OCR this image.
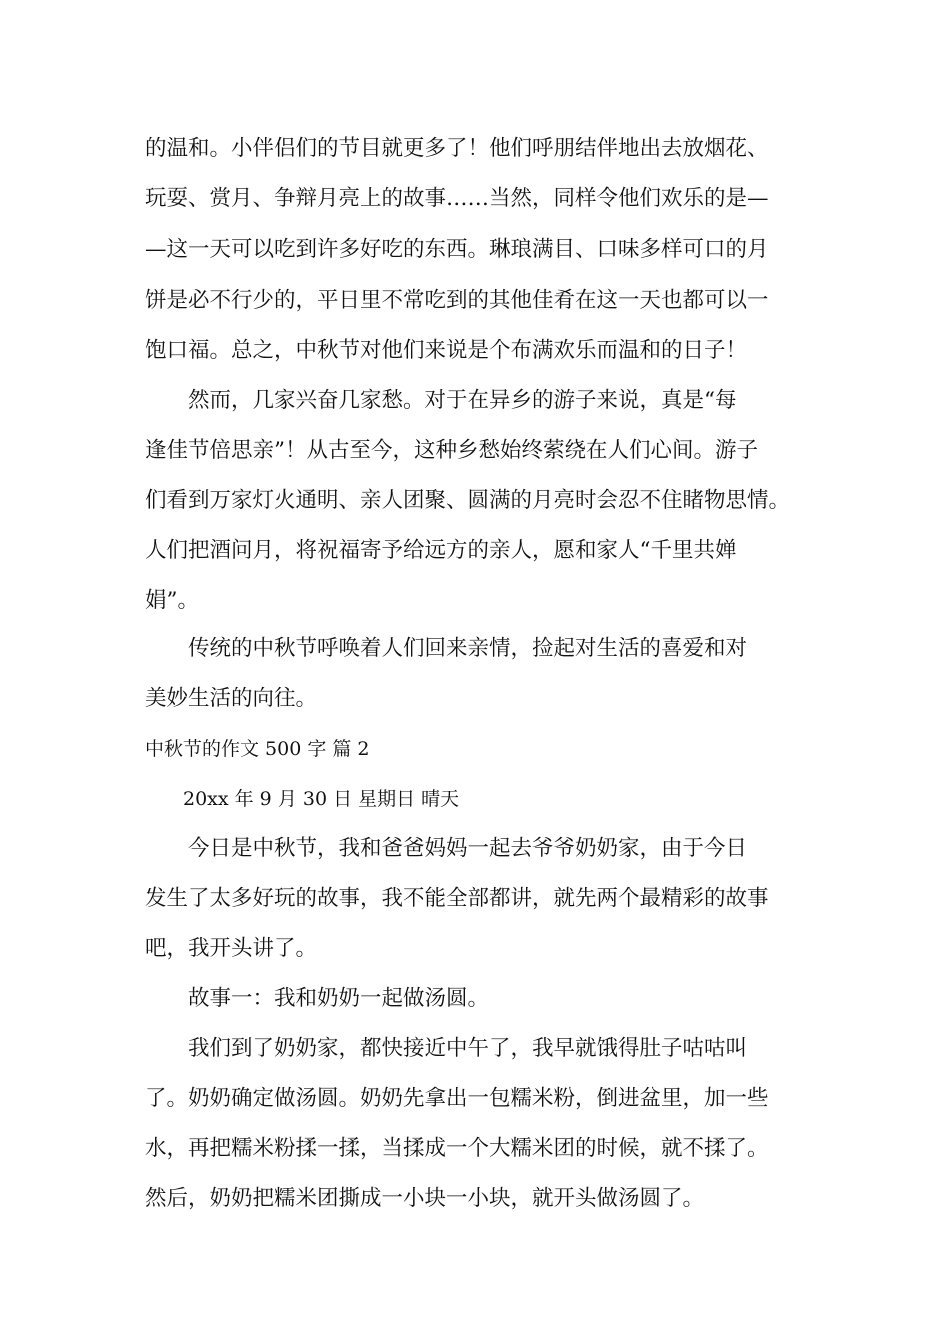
的温和。小伴侣们的节目就更多了！他们呼朋结伴地出去放烟花、
玩耍、赏月、争辩月亮上的故事……当然，同样令他们欢乐的是—
—这一天可以吃到许多好吃的东西。琳琅满目、口味多样可口的月
饼是必不行少的，平日里不常吃到的其他佳肴在这一天也都可以一
饱口福。总之，中秋节对他们来说是个布满欢乐而温和的日子！
　　然而，几家兴奋几家愁。对于在异乡的游子来说，真是“每
逢佳节倍思亲”！从古至今，这种乡愁始终萦绕在人们心间。游子
们看到万家灯火通明、亲人团聚、圆满的月亮时会忍不住睹物思情。
人们把酒问月，将祝福寄予给远方的亲人，愿和家人“千里共婵
娟”。
　　传统的中秋节呼唤着人们回来亲情，捡起对生活的喜爱和对
美妙生活的向往。
中秋节的作文 500 字 篇 2
　　20xx 年 9 月 30 日 星期日 晴天
　　今日是中秋节，我和爸爸妈妈一起去爷爷奶奶家，由于今日
发生了太多好玩的故事，我不能全部都讲，就先两个最精彩的故事
吧，我开头讲了。
　　故事一：我和奶奶一起做汤圆。
　　我们到了奶奶家，都快接近中午了，我早就饿得肚子咕咕叫
了。奶奶确定做汤圆。奶奶先拿出一包糯米粉，倒进盆里，加一些
水，再把糯米粉揉一揉，当揉成一个大糯米团的时候，就不揉了。
然后，奶奶把糯米团撕成一小块一小块，就开头做汤圆了。
